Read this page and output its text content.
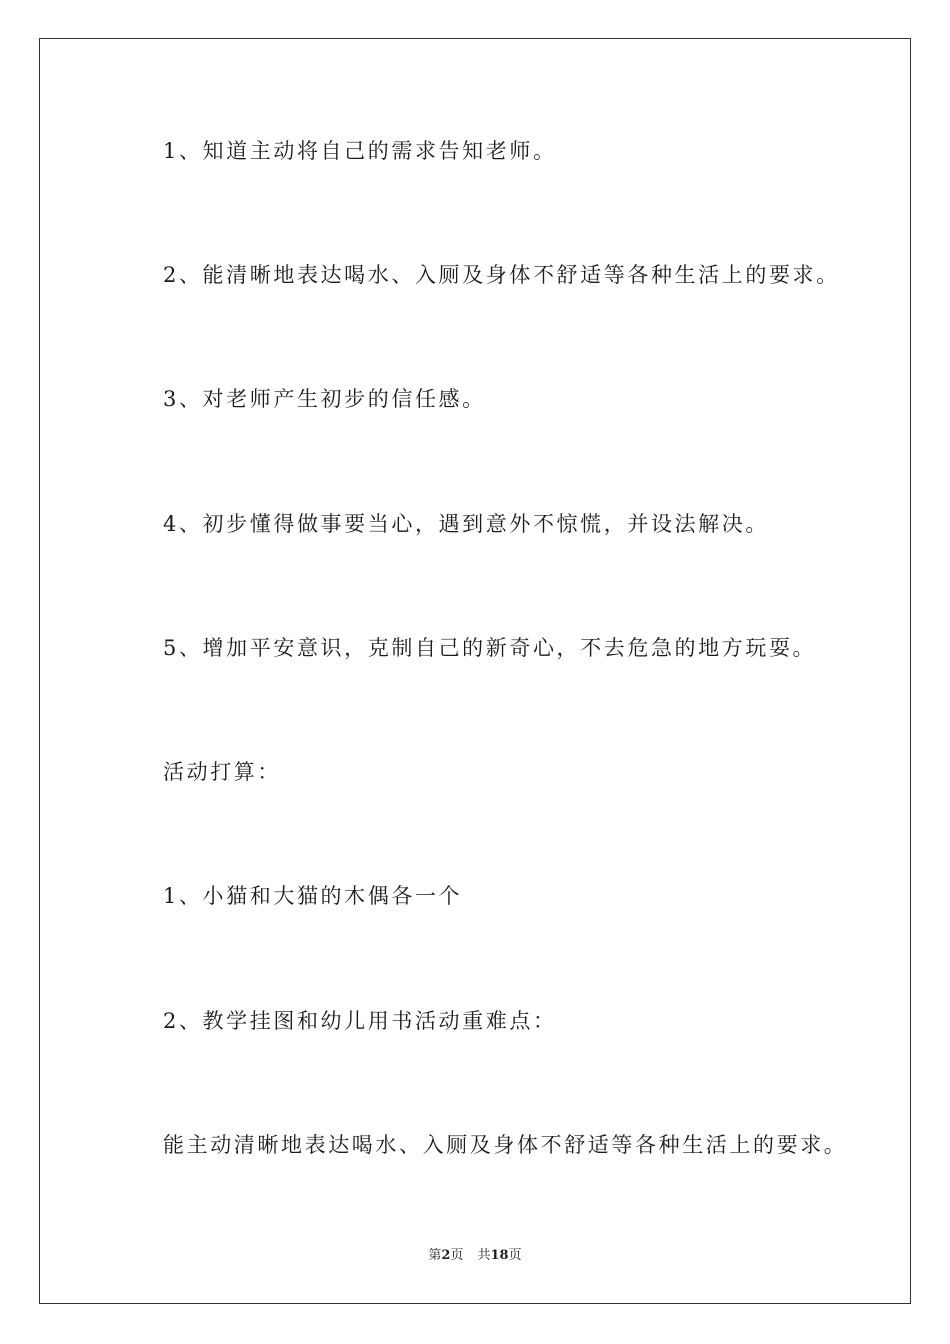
1、知道主动将自己的需求告知老师。

2、能清晰地表达喝水、入厕及身体不舒适等各种生活上的要求。

3、对老师产生初步的信任感。

4、初步懂得做事要当心，遇到意外不惊慌，并设法解决。

5、增加平安意识，克制自己的新奇心，不去危急的地方玩耍。

活动打算：

1、小猫和大猫的木偶各一个

2、教学挂图和幼儿用书活动重难点：

能主动清晰地表达喝水、入厕及身体不舒适等各种生活上的要求。

第2页 共18页
